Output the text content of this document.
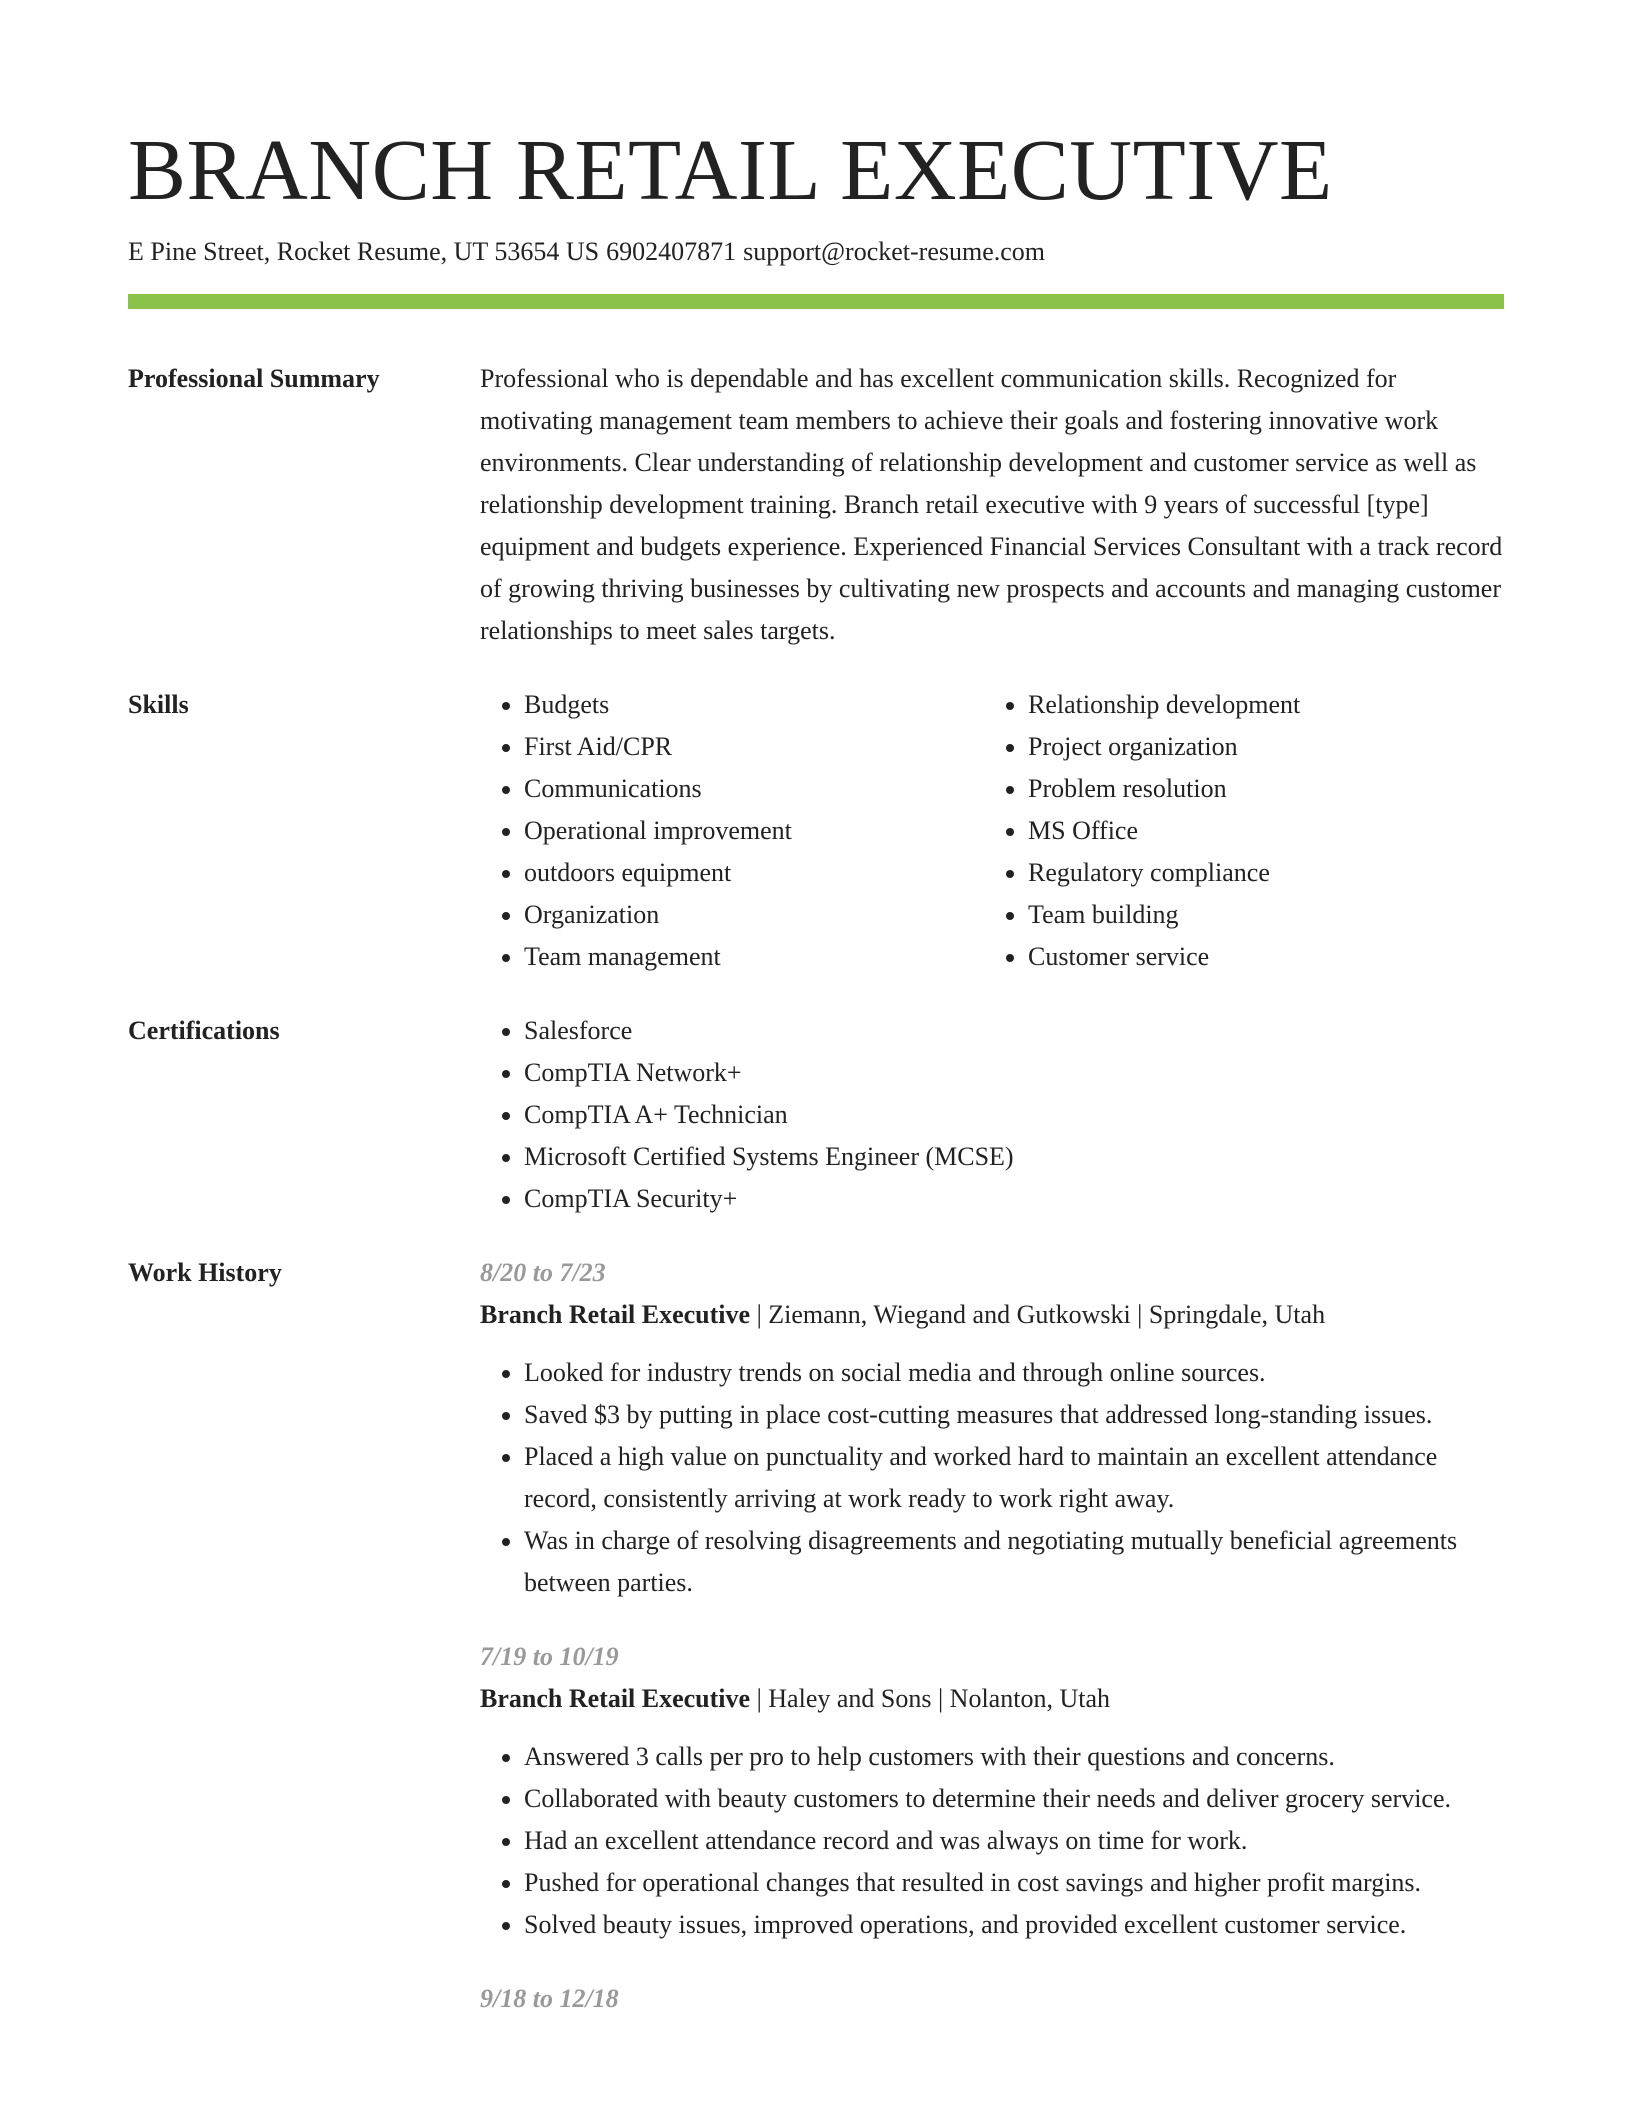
BRANCH RETAIL EXECUTIVE
E Pine Street, Rocket Resume, UT 53654 US 6902407871 support@rocket-resume.com
Professional Summary	Professional who is dependable and has excellent communication skills. Recognized for motivating management team members to achieve their goals and fostering innovative work environments. Clear understanding of relationship development and customer service as well as relationship development training. Branch retail executive with 9 years of successful [type] equipment and budgets experience. Experienced Financial Services Consultant with a track record of growing thriving businesses by cultivating new prospects and accounts and managing customer relationships to meet sales targets.
Skills	• Budgets
• First Aid/CPR
• Communications
• Operational improvement
• outdoors equipment
• Organization
• Team management
• Relationship development
• Project organization
• Problem resolution
• MS Office
• Regulatory compliance
• Team building
• Customer service
Certifications	• Salesforce
• CompTIA Network+
• CompTIA A+ Technician
• Microsoft Certified Systems Engineer (MCSE)
• CompTIA Security+
Work History	8/20 to 7/23
Branch Retail Executive | Ziemann, Wiegand and Gutkowski | Springdale, Utah
• Looked for industry trends on social media and through online sources.
• Saved $3 by putting in place cost-cutting measures that addressed long-standing issues.
• Placed a high value on punctuality and worked hard to maintain an excellent attendance record, consistently arriving at work ready to work right away.
• Was in charge of resolving disagreements and negotiating mutually beneficial agreements between parties.
7/19 to 10/19
Branch Retail Executive | Haley and Sons | Nolanton, Utah
• Answered 3 calls per pro to help customers with their questions and concerns.
• Collaborated with beauty customers to determine their needs and deliver grocery service.
• Had an excellent attendance record and was always on time for work.
• Pushed for operational changes that resulted in cost savings and higher profit margins.
• Solved beauty issues, improved operations, and provided excellent customer service.
9/18 to 12/18
